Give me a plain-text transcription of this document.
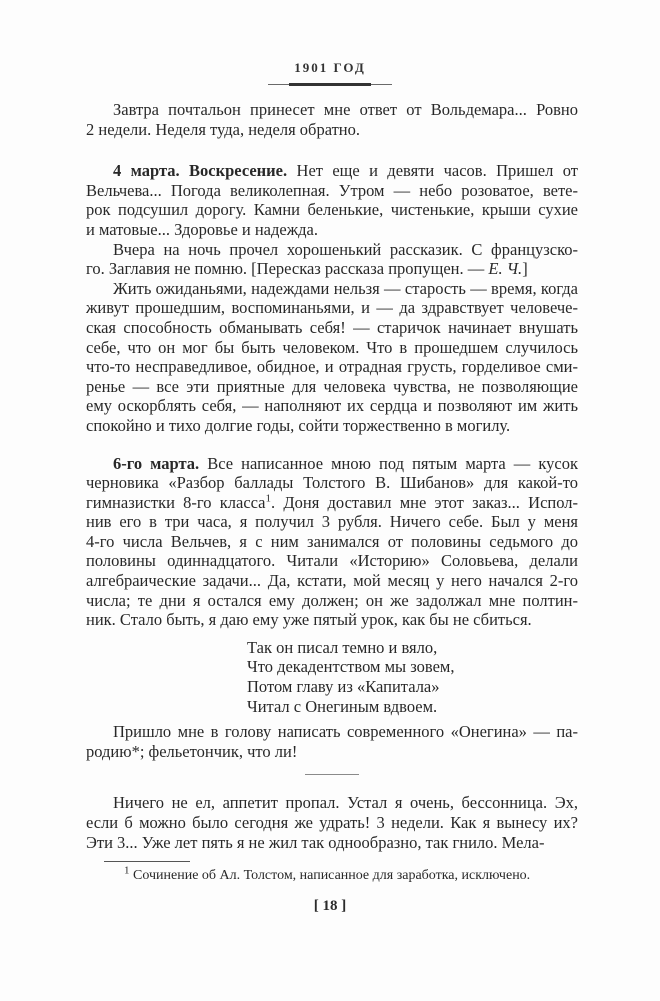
1901 ГОД
Завтра почтальон принесет мне ответ от Вольдемара... Ровно
2 недели. Неделя туда, неделя обратно.
4 марта. Воскресение. Нет еще и девяти часов. Пришел от
Вельчева... Погода великолепная. Утром — небо розоватое, вете-
рок подсушил дорогу. Камни беленькие, чистенькие, крыши сухие
и матовые... Здоровье и надежда.
Вчера на ночь прочел хорошенький рассказик. С французско-
го. Заглавия не помню. [Пересказ рассказа пропущен. — Е. Ч.]
Жить ожиданьями, надеждами нельзя — старость — время, когда
живут прошедшим, воспоминаньями, и — да здравствует человече-
ская способность обманывать себя! — старичок начинает внушать
себе, что он мог бы быть человеком. Что в прошедшем случилось
что-то несправедливое, обидное, и отрадная грусть, горделивое сми-
ренье — все эти приятные для человека чувства, не позволяющие
ему оскорблять себя, — наполняют их сердца и позволяют им жить
спокойно и тихо долгие годы, сойти торжественно в могилу.
6-го марта. Все написанное мною под пятым марта — кусок
черновика «Разбор баллады Толстого В. Шибанов» для какой-то
гимназистки 8-го класса$^1$. Доня доставил мне этот заказ... Испол-
нив его в три часа, я получил 3 рубля. Ничего себе. Был у меня
4-го числа Вельчев, я с ним занимался от половины седьмого до
половины одиннадцатого. Читали «Историю» Соловьева, делали
алгебраические задачи... Да, кстати, мой месяц у него начался 2-го
числа; те дни я остался ему должен; он же задолжал мне полтин-
ник. Стало быть, я даю ему уже пятый урок, как бы не сбиться.
Так он писал темно и вяло,
Что декадентством мы зовем,
Потом главу из «Капитала»
Читал с Онегиным вдвоем.
Пришло мне в голову написать современного «Онегина» — па-
родию*; фельетончик, что ли!
Ничего не ел, аппетит пропал. Устал я очень, бессонница. Эх,
если б можно было сегодня же удрать! 3 недели. Как я вынесу их?
Эти 3... Уже лет пять я не жил так однообразно, так гнило. Мела-
$^1$ Сочинение об Ал. Толстом, написанное для заработка, исключено.
[ 18 ]
